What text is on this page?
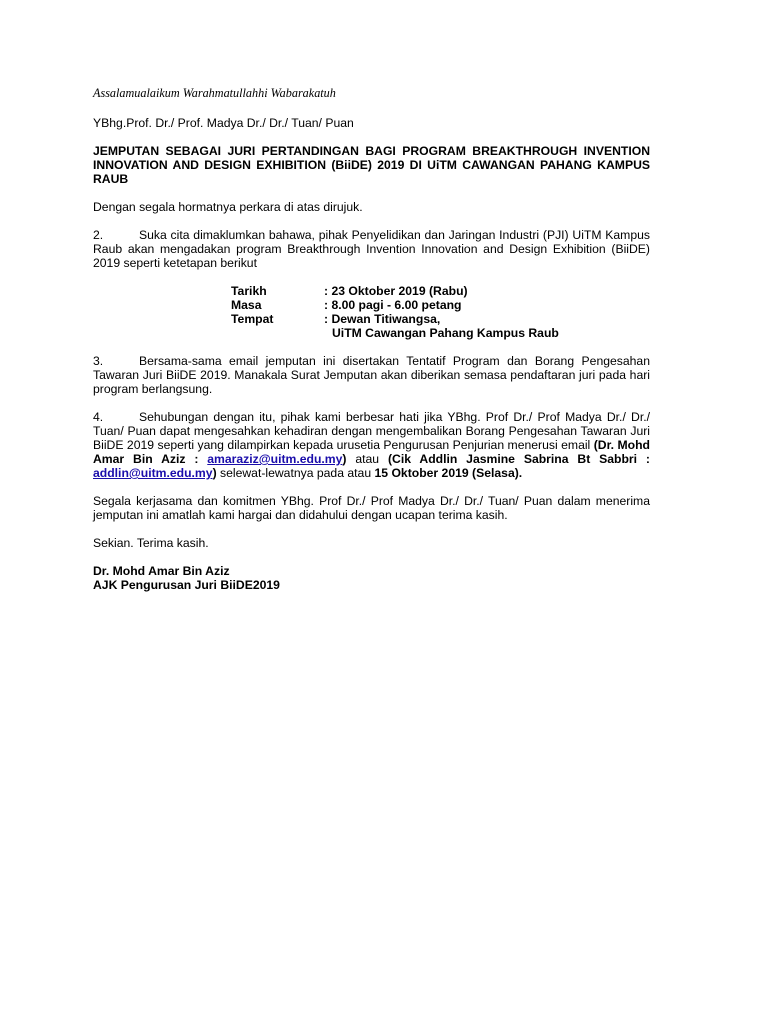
Assalamualaikum Warahmatullahhi Wabarakatuh

YBhg.Prof. Dr./ Prof. Madya Dr./ Dr./ Tuan/ Puan
JEMPUTAN SEBAGAI JURI PERTANDINGAN BAGI PROGRAM BREAKTHROUGH INVENTION INNOVATION AND DESIGN EXHIBITION (BiiDE) 2019 DI UiTM CAWANGAN PAHANG KAMPUS RAUB
Dengan segala hormatnya perkara di atas dirujuk.
2.	Suka cita dimaklumkan bahawa, pihak Penyelidikan dan Jaringan Industri (PJI) UiTM Kampus Raub akan mengadakan program Breakthrough Invention Innovation and Design Exhibition (BiiDE) 2019 seperti ketetapan berikut
Tarikh	: 23 Oktober 2019 (Rabu)
Masa	: 8.00 pagi - 6.00 petang
Tempat	: Dewan Titiwangsa,
UiTM Cawangan Pahang Kampus Raub
3.	Bersama-sama email jemputan ini disertakan Tentatif Program dan Borang Pengesahan Tawaran Juri BiiDE 2019. Manakala Surat Jemputan akan diberikan semasa pendaftaran juri pada hari program berlangsung.
4.	Sehubungan dengan itu, pihak kami berbesar hati jika YBhg. Prof Dr./ Prof Madya Dr./ Dr./ Tuan/ Puan dapat mengesahkan kehadiran dengan mengembalikan Borang Pengesahan Tawaran Juri BiiDE 2019 seperti yang dilampirkan kepada urusetia Pengurusan Penjurian menerusi email (Dr. Mohd Amar Bin Aziz : amaraziz@uitm.edu.my) atau (Cik Addlin Jasmine Sabrina Bt Sabbri : addlin@uitm.edu.my) selewat-lewatnya pada atau 15 Oktober 2019 (Selasa).
Segala kerjasama dan komitmen YBhg. Prof Dr./ Prof Madya Dr./ Dr./ Tuan/ Puan dalam menerima jemputan ini amatlah kami hargai dan didahului dengan ucapan terima kasih.
Sekian. Terima kasih.
Dr. Mohd Amar Bin Aziz
AJK Pengurusan Juri BiiDE2019
